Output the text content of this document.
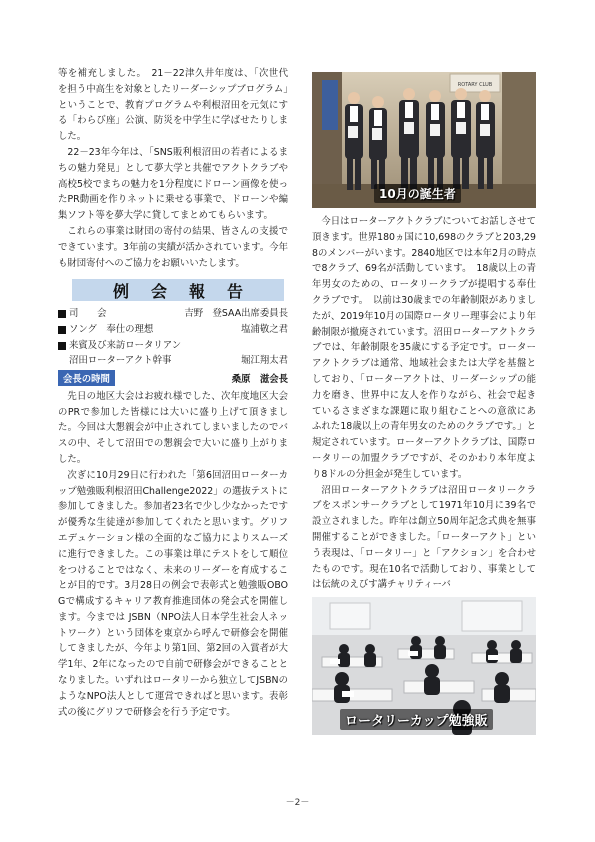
等を補充しました。　21－22津久井年度は、「次世代を担う中高生を対象としたリーダーシップブログラム」ということで、教育プログラムや利根沼田を元気にする「わらび座」公演、防災を中学生に学ばせたりしました。

22－23年今年は、「SNS販利根沼田の若者によるまちの魅力発見」として夢大学と共催でアクトクラブや高校5校でまちの魅力を1分程度にドローン画像を使ったPR動画を作りネットに乗せる事業で、ドローンや編集ソフト等を夢大学に貸してまとめてもらいます。

これらの事業は財団の寄付の結果、皆さんの支援でできています。3年前の実績が活かされています。今年も財団寄付へのご協力をお願いいたします。

例会報告
司　　会	吉野　登SAA出席委員長
ソング　奉仕の理想	塩浦敬之君
来賓及び来訪ロータリアン
沼田ローターアクト幹事	堀江翔太君
会長の時間	桑原　滋会長

先日の地区大会はお疲れ様でした、次年度地区大会のPRで参加した皆様には大いに盛り上げて頂きました。今回は大懇親会が中止されてしまいましたのでバスの中、そして沼田での懇親会で大いに盛り上がりました。

次ぎに10月29日に行われた「第6回沼田ローターカップ勉強販利根沼田Challenge2022」の選抜テストに参加してきました。参加者23名で少し少なかったですが優秀な生徒達が参加してくれたと思います。グリフエデュケーション様の全面的なご協力によりスムーズに進行できました。この事業は単にテストをして順位をつけることではなく、未来のリーダーを育成することが目的です。3月28日の例会で表彰式と勉強販OBOGで構成するキャリア教育推進団体の発会式を開催します。今までは JSBN（NPO法人日本学生社会人ネットワーク）という団体を東京から呼んで研修会を開催してきましたが、今年より第1回、第2回の入賞者が大学1年、2年になったので自前で研修会ができることとなりました。いずれはロータリーから独立してJSBNのようなNPO法人として運営できればと思います。表彰式の後にグリフで研修会を行う予定です。

ROTARY CLUB
10月の誕生者

今日はローターアクトクラブについてお話しさせて頂きます。世界180ヵ国に10,698のクラブと203,298のメンバーがいます。2840地区では本年2月の時点で8クラブ、69名が活動しています。　18歳以上の青年男女のための、ロータリークラブが提唱する奉仕クラブです。　以前は30歳までの年齢制限がありましたが、2019年10月の国際ロータリー理事会により年齢制限が撤廃されています。沼田ローターアクトクラブでは、年齢制限を35歳にする予定です。ローターアクトクラブは通常、地域社会または大学を基盤としており、「ローターアクトは、リーダーシップの能力を磨き、世界中に友人を作りながら、社会で起きているさまざまな課題に取り組むことへの意欲にあふれた18歳以上の青年男女のためのクラブです。」と規定されています。ローターアクトクラブは、国際ロータリーの加盟クラブですが、そのかわり本年度より8ドルの分担金が発生しています。

沼田ローターアクトクラブは沼田ロータリークラブをスポンサークラブとして1971年10月に39名で設立されました。昨年は創立50周年記念式典を無事開催することができました。「ローターアクト」という表現は、「ロータリー」と「アクション」を合わせたものです。現在10名で活動しており、事業としては伝統のえびす講チャリティーバ

ロータリーカップ勉強販
－2－
